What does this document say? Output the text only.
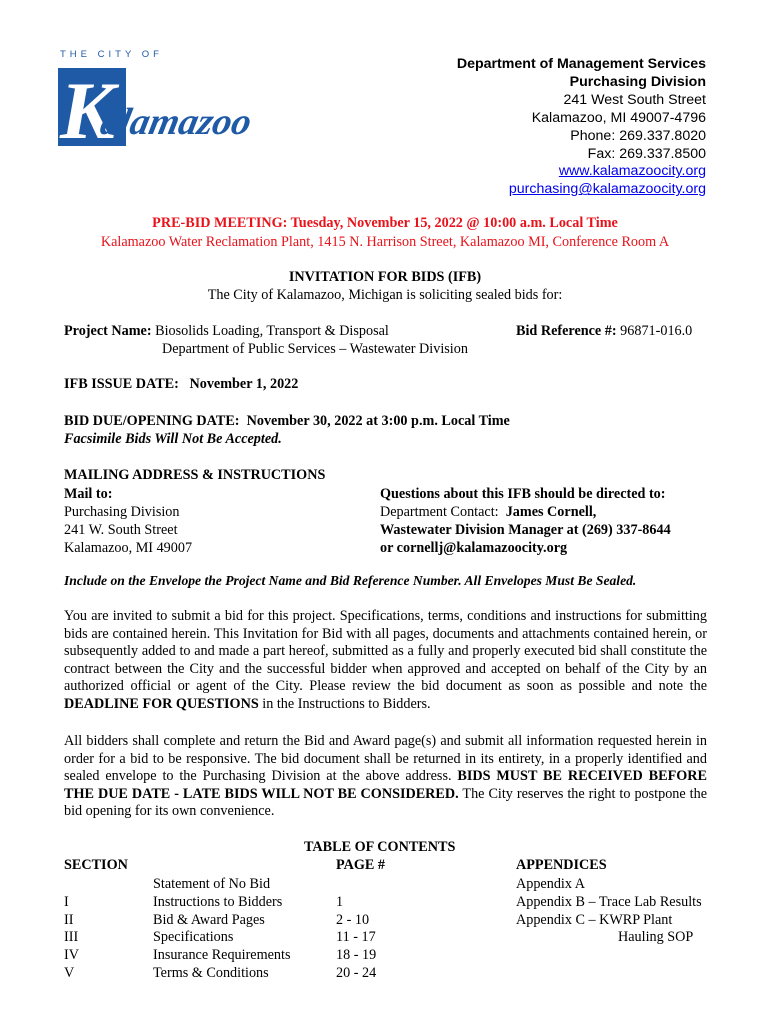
THE CITY OF
K
alamazoo
Department of Management Services
Purchasing Division
241 West South Street
Kalamazoo, MI 49007-4796
Phone: 269.337.8020
Fax: 269.337.8500
www.kalamazoocity.org
purchasing@kalamazoocity.org
PRE-BID MEETING: Tuesday, November 15, 2022 @ 10:00 a.m. Local Time
Kalamazoo Water Reclamation Plant, 1415 N. Harrison Street, Kalamazoo MI, Conference Room A
INVITATION FOR BIDS (IFB)
The City of Kalamazoo, Michigan is soliciting sealed bids for:
Project Name: Biosolids Loading, Transport & Disposal
Department of Public Services – Wastewater Division
Bid Reference #: 96871-016.0
IFB ISSUE DATE:   November 1, 2022
BID DUE/OPENING DATE:  November 30, 2022 at 3:00 p.m. Local Time
Facsimile Bids Will Not Be Accepted.
MAILING ADDRESS & INSTRUCTIONS
Mail to:
Purchasing Division
241 W. South Street
Kalamazoo, MI 49007
Questions about this IFB should be directed to:
Department Contact:  James Cornell,
Wastewater Division Manager at (269) 337-8644
or cornellj@kalamazoocity.org
Include on the Envelope the Project Name and Bid Reference Number. All Envelopes Must Be Sealed.
You are invited to submit a bid for this project. Specifications, terms, conditions and instructions for submitting bids are contained herein. This Invitation for Bid with all pages, documents and attachments contained herein, or subsequently added to and made a part hereof, submitted as a fully and properly executed bid shall constitute the contract between the City and the successful bidder when approved and accepted on behalf of the City by an authorized official or agent of the City. Please review the bid document as soon as possible and note the DEADLINE FOR QUESTIONS in the Instructions to Bidders.
All bidders shall complete and return the Bid and Award page(s) and submit all information requested herein in order for a bid to be responsive. The bid document shall be returned in its entirety, in a properly identified and sealed envelope to the Purchasing Division at the above address. BIDS MUST BE RECEIVED BEFORE THE DUE DATE - LATE BIDS WILL NOT BE CONSIDERED. The City reserves the right to postpone the bid opening for its own convenience.
TABLE OF CONTENTS
SECTION	PAGE #	APPENDICES
I
II
III
IV
V
Statement of No Bid
Instructions to Bidders
Bid & Award Pages
Specifications
Insurance Requirements
Terms & Conditions
1
2 - 10
11 - 17
18 - 19
20 - 24
Appendix A
Appendix B – Trace Lab Results
Appendix C – KWRP Plant
Hauling SOP
